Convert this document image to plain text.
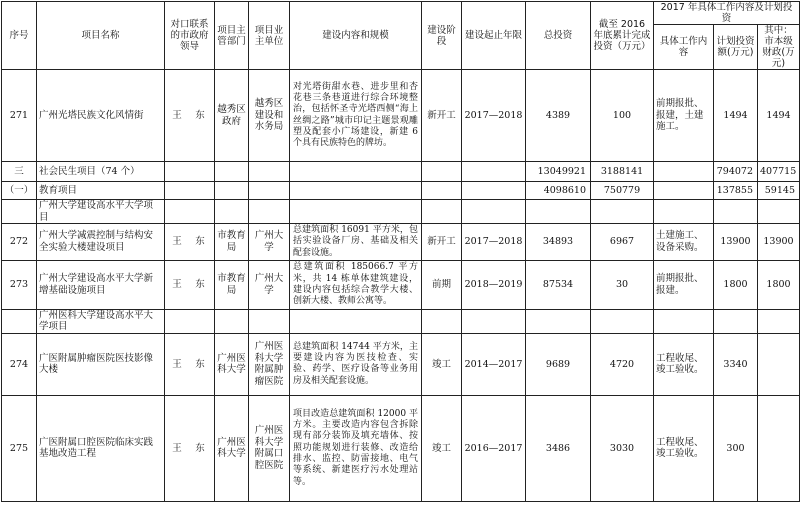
序号	项目名称	对口联系的市政府领导	项目主管部门	项目业主单位	建设内容和规模	建设阶段	建设起止年限	总投资	截至 2016 年底累计完成投资（万元）	2017 年具体工作内容及计划投资		
										具体工作内容	计划投资额(万元)	其中：市本级财政(万元)
271	广州光塔民族文化风情街	王　东	越秀区政府	越秀区建设和水务局	对光塔街甜水巷、进步里和杏花巷三条巷道进行综合环境整治，包括怀圣寺光塔西侧“海上丝绸之路”城市印记主题景观雕塑及配套小广场建设，新建 6 个具有民族特色的牌坊。	新开工	2017—2018	4389	100	前期报批、报建，土建施工。	1494	1494
三	社会民生项目（74 个）							13049921	3188141		794072	407715
（一）	教育项目							4098610	750779		137855	59145
	广州大学建设高水平大学项目											
272	广州大学减震控制与结构安全实验大楼建设项目	王　东	市教育局	广州大学	总建筑面积 16091 平方米，包括实验设备厂房、基础及相关配套设施。	新开工	2017—2018	34893	6967	土建施工、设备采购。	13900	13900
273	广州大学建设高水平大学新增基础设施项目	王　东	市教育局	广州大学	总建筑面积 185066.7 平方米，共 14 栋单体建筑建设，建设内容包括综合教学大楼、创新大楼、教师公寓等。	前期	2018—2019	87534	30	前期报批、报建。	1800	1800
	广州医科大学建设高水平大学项目											
274	广医附属肿瘤医院医技影像大楼	王　东	广州医科大学	广州医科大学附属肿瘤医院	总建筑面积 14744 平方米，主要建设内容为医技检查、实验、药学、医疗设备等业务用房及相关配套设施。	竣工	2014—2017	9689	4720	工程收尾、竣工验收。	3340	
275	广医附属口腔医院临床实践基地改造工程	王　东	广州医科大学	广州医科大学附属口腔医院	项目改造总建筑面积 12000 平方米。主要改造内容包含拆除现有部分装饰及填充墙体、按照功能规划进行装修、改造给排水、监控、防雷接地、电气等系统、新建医疗污水处理站等。	竣工	2016—2017	3486	3030	工程收尾、竣工验收。	300	
